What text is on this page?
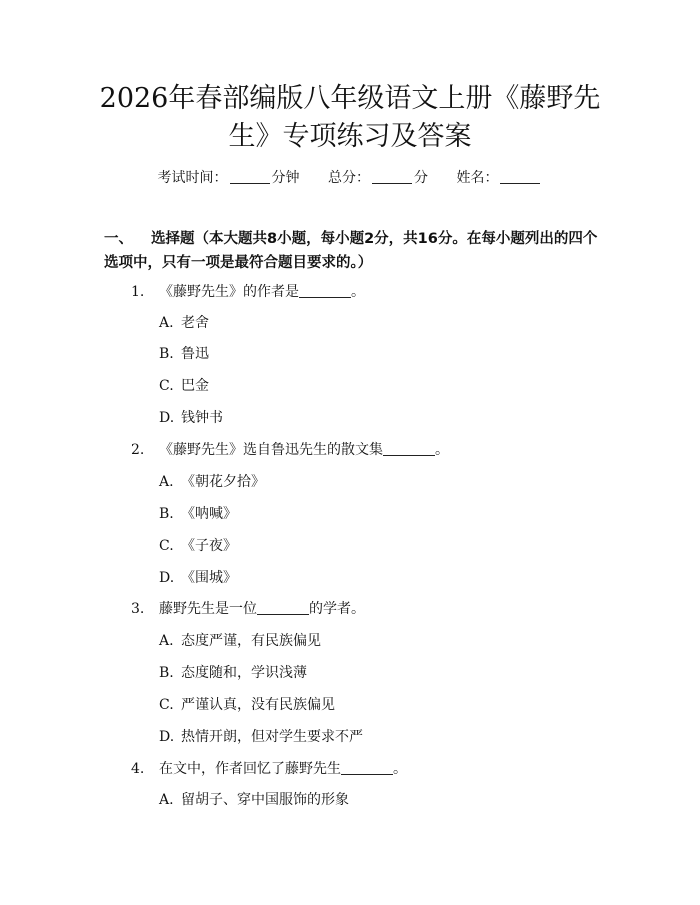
2026年春部编版八年级语文上册《藤野先
生》专项练习及答案
考试时间：	分钟 总分：	分 姓名：
一、 选择题（本大题共8小题，每小题2分，共16分。在每小题列出的四个选项中，只有一项是最符合题目要求的。）
1. 《藤野先生》的作者是	。
A. 老舍
B. 鲁迅
C. 巴金
D. 钱钟书
2. 《藤野先生》选自鲁迅先生的散文集	。
A. 《朝花夕拾》
B. 《呐喊》
C. 《子夜》
D. 《围城》
3. 藤野先生是一位	的学者。
A. 态度严谨，有民族偏见
B. 态度随和，学识浅薄
C. 严谨认真，没有民族偏见
D. 热情开朗，但对学生要求不严
4. 在文中，作者回忆了藤野先生	。
A. 留胡子、穿中国服饰的形象
